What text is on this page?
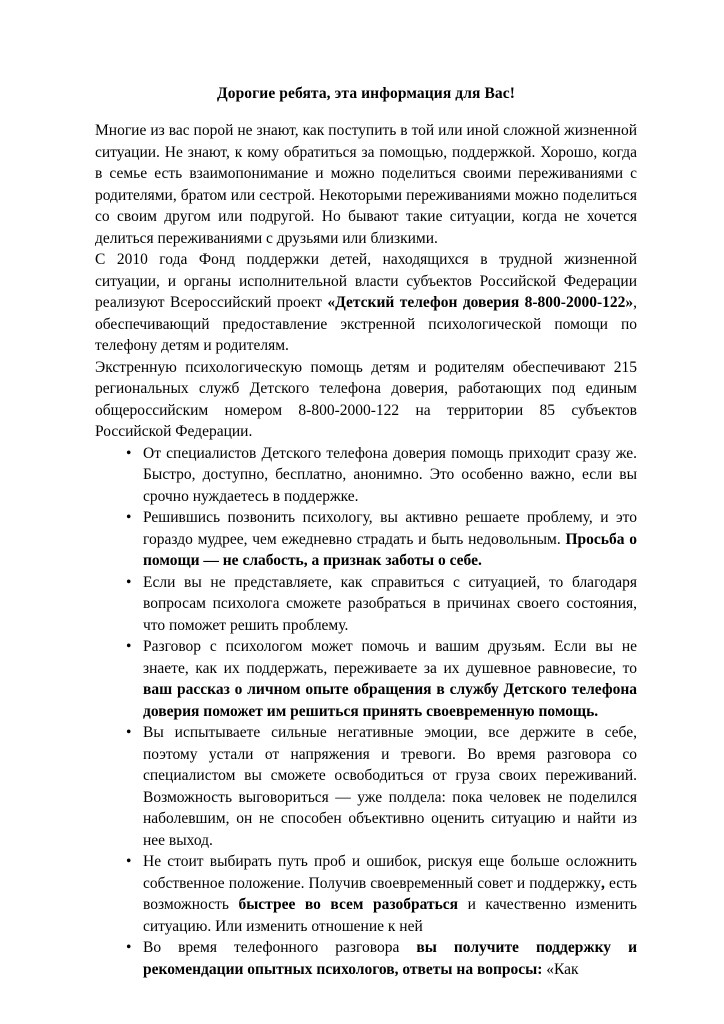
Дорогие ребята, эта информация для Вас!

Многие из вас порой не знают, как поступить в той или иной сложной жизненной ситуации. Не знают, к кому обратиться за помощью, поддержкой. Хорошо, когда в семье есть взаимопонимание и можно поделиться своими переживаниями с родителями, братом или сестрой. Некоторыми переживаниями можно поделиться со своим другом или подругой. Но бывают такие ситуации, когда не хочется делиться переживаниями с друзьями или близкими.

С 2010 года Фонд поддержки детей, находящихся в трудной жизненной ситуации, и органы исполнительной власти субъектов Российской Федерации реализуют Всероссийский проект «Детский телефон доверия 8-800-2000-122», обеспечивающий предоставление экстренной психологической помощи по телефону детям и родителям.

Экстренную психологическую помощь детям и родителям обеспечивают 215 региональных служб Детского телефона доверия, работающих под единым общероссийским номером 8-800-2000-122 на территории 85 субъектов Российской Федерации.

• От специалистов Детского телефона доверия помощь приходит сразу же. Быстро, доступно, бесплатно, анонимно. Это особенно важно, если вы срочно нуждаетесь в поддержке.
• Решившись позвонить психологу, вы активно решаете проблему, и это гораздо мудрее, чем ежедневно страдать и быть недовольным. Просьба о помощи — не слабость, а признак заботы о себе.
• Если вы не представляете, как справиться с ситуацией, то благодаря вопросам психолога сможете разобраться в причинах своего состояния, что поможет решить проблему.
• Разговор с психологом может помочь и вашим друзьям. Если вы не знаете, как их поддержать, переживаете за их душевное равновесие, то ваш рассказ о личном опыте обращения в службу Детского телефона доверия поможет им решиться принять своевременную помощь.
• Вы испытываете сильные негативные эмоции, все держите в себе, поэтому устали от напряжения и тревоги. Во время разговора со специалистом вы сможете освободиться от груза своих переживаний. Возможность выговориться — уже полдела: пока человек не поделился наболевшим, он не способен объективно оценить ситуацию и найти из нее выход.
• Не стоит выбирать путь проб и ошибок, рискуя еще больше осложнить собственное положение. Получив своевременный совет и поддержку, есть возможность быстрее во всем разобраться и качественно изменить ситуацию. Или изменить отношение к ней
• Во время телефонного разговора вы получите поддержку и рекомендации опытных психологов, ответы на вопросы: «Как
